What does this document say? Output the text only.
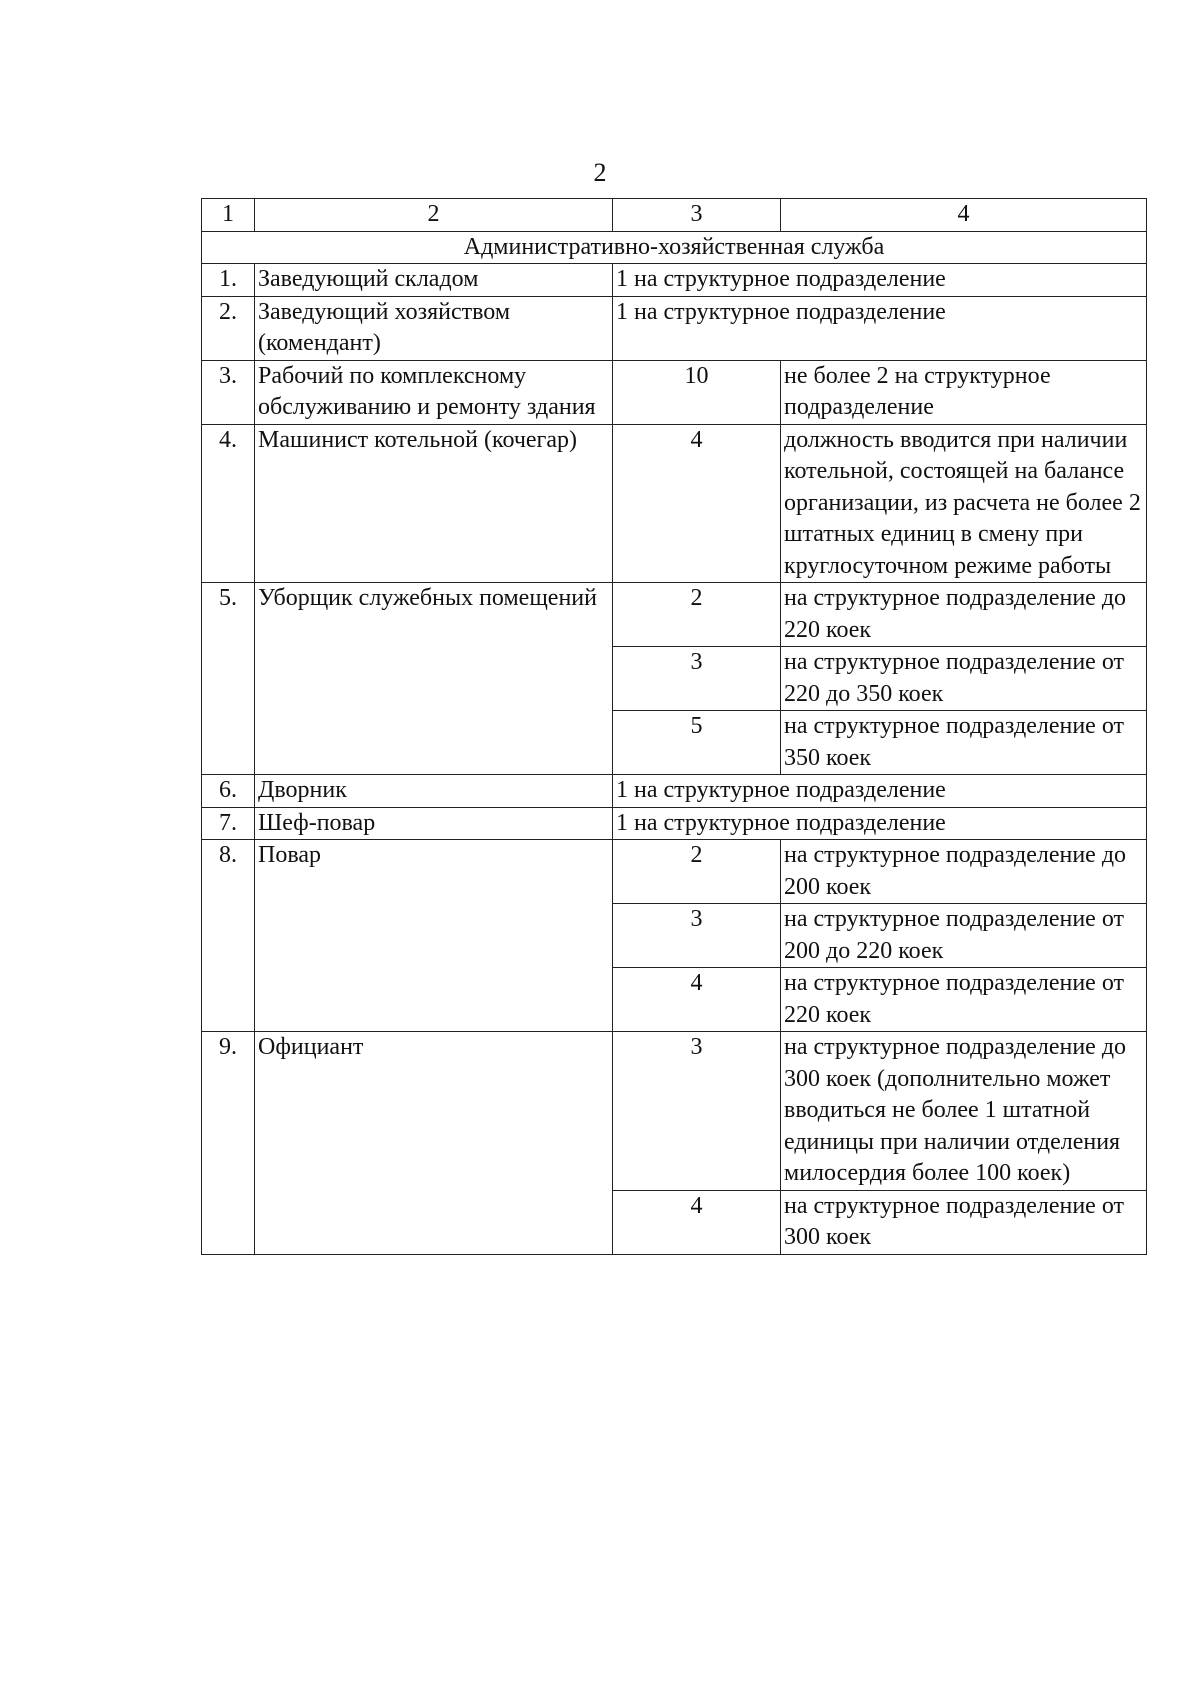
2
1	2	3	4
Административно-хозяйственная служба			
1.	Заведующий складом	1 на структурное подразделение	
2.	Заведующий хозяйством (комендант)	1 на структурное подразделение	
3.	Рабочий по комплексному обслуживанию и ремонту здания	10	не более 2 на структурное подразделение
4.	Машинист котельной (кочегар)	4	должность вводится при наличии котельной, состоящей на балансе организации, из расчета не более 2 штатных единиц в смену при круглосуточном режиме работы
5.	Уборщик служебных помещений	2	на структурное подразделение до 220 коек
		3	на структурное подразделение от 220 до 350 коек
		5	на структурное подразделение от 350 коек
6.	Дворник	1 на структурное подразделение	
7.	Шеф-повар	1 на структурное подразделение	
8.	Повар	2	на структурное подразделение до 200 коек
		3	на структурное подразделение от 200 до 220 коек
		4	на структурное подразделение от 220 коек
9.	Официант	3	на структурное подразделение до 300 коек (дополнительно может вводиться не более 1 штатной единицы при наличии отделения милосердия более 100 коек)
		4	на структурное подразделение от 300 коек
